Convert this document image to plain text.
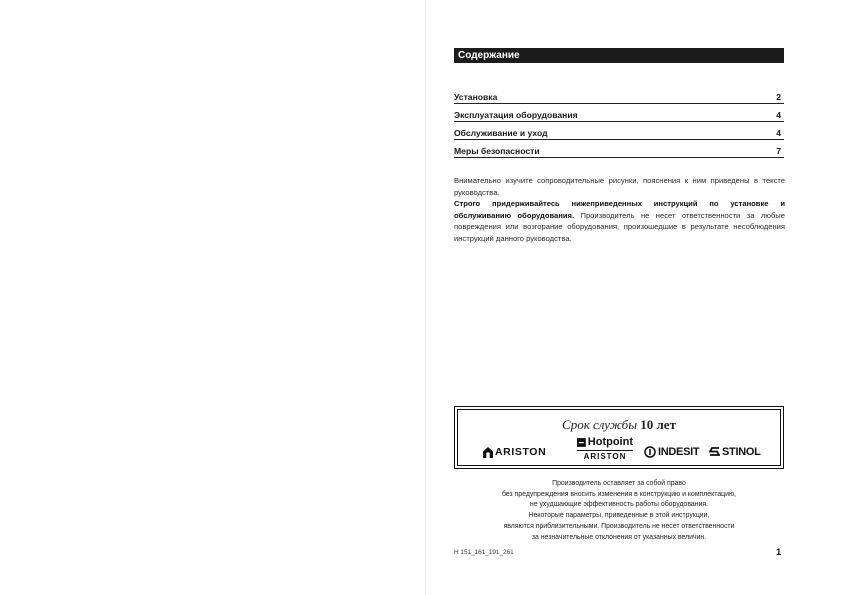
Содержание
Установка	2
Эксплуатация оборудования	4
Обслуживание и уход	4
Меры безопасности	7
Внимательно изучите сопроводительные рисунки, пояснения к ним приведены в тексте руководства.
Строго придерживайтесь нижеприведенных инструкций по установке и обслуживанию оборудования. Производитель не несет ответственности за любые повреждения или возгорание оборудования, произошедшие в результате несоблюдения инструкций данного руководства.
Срок службы 10 лет
ARISTON
Hotpoint
ARISTON	INDESIT STINOL
Производитель оставляет за собой право
без предупреждения вносить изменения в конструкцию и комплектацию,
не ухудшающие эффективность работы оборудования.
Некоторые параметры, приведенные в этой инструкции,
являются приблизительными. Производитель не несет ответственности
за незначительные отклонения от указанных величин.
H 151_161_191_261	1
